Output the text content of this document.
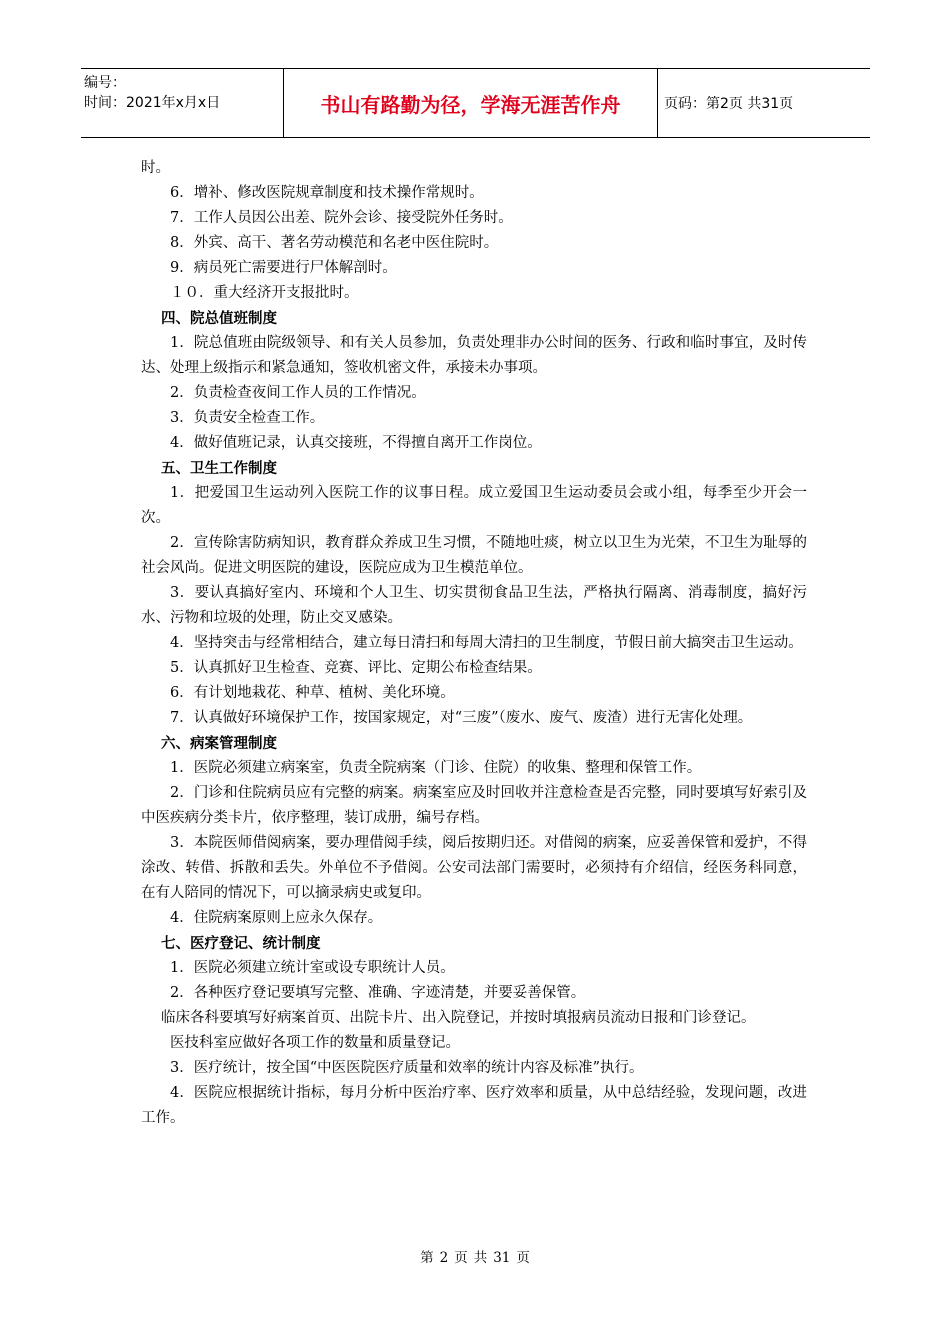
编号：
时间：2021年x月x日	书山有路勤为径，学海无涯苦作舟	页码：第2页 共31页

时。

6．增补、修改医院规章制度和技术操作常规时。

7．工作人员因公出差、院外会诊、接受院外任务时。

8．外宾、高干、著名劳动模范和名老中医住院时。

9．病员死亡需要进行尸体解剖时。

１０．重大经济开支报批时。

四、院总值班制度

1．院总值班由院级领导、和有关人员参加，负责处理非办公时间的医务、行政和临时事宜，及时传达、处理上级指示和紧急通知，签收机密文件，承接未办事项。

2．负责检查夜间工作人员的工作情况。

3．负责安全检查工作。

4．做好值班记录，认真交接班，不得擅自离开工作岗位。

五、卫生工作制度

1．把爱国卫生运动列入医院工作的议事日程。成立爱国卫生运动委员会或小组，每季至少开会一次。

2．宣传除害防病知识，教育群众养成卫生习惯，不随地吐痰，树立以卫生为光荣，不卫生为耻辱的社会风尚。促进文明医院的建设，医院应成为卫生模范单位。

3．要认真搞好室内、环境和个人卫生、切实贯彻食品卫生法，严格执行隔离、消毒制度，搞好污水、污物和垃圾的处理，防止交叉感染。

4．坚持突击与经常相结合，建立每日清扫和每周大清扫的卫生制度，节假日前大搞突击卫生运动。

5．认真抓好卫生检查、竞赛、评比、定期公布检查结果。

6．有计划地栽花、种草、植树、美化环境。

7．认真做好环境保护工作，按国家规定，对“三废”（废水、废气、废渣）进行无害化处理。

六、病案管理制度

1．医院必须建立病案室，负责全院病案（门诊、住院）的收集、整理和保管工作。

2．门诊和住院病员应有完整的病案。病案室应及时回收并注意检查是否完整，同时要填写好索引及中医疾病分类卡片，依序整理，装订成册，编号存档。

3．本院医师借阅病案，要办理借阅手续，阅后按期归还。对借阅的病案，应妥善保管和爱护，不得涂改、转借、拆散和丢失。外单位不予借阅。公安司法部门需要时，必须持有介绍信，经医务科同意，在有人陪同的情况下，可以摘录病史或复印。

4．住院病案原则上应永久保存。

七、医疗登记、统计制度

1．医院必须建立统计室或设专职统计人员。

2．各种医疗登记要填写完整、准确、字迹清楚，并要妥善保管。

临床各科要填写好病案首页、出院卡片、出入院登记，并按时填报病员流动日报和门诊登记。

医技科室应做好各项工作的数量和质量登记。

3．医疗统计，按全国“中医医院医疗质量和效率的统计内容及标准”执行。

4．医院应根据统计指标，每月分析中医治疗率、医疗效率和质量，从中总结经验，发现问题，改进工作。

第 2 页 共 31 页
